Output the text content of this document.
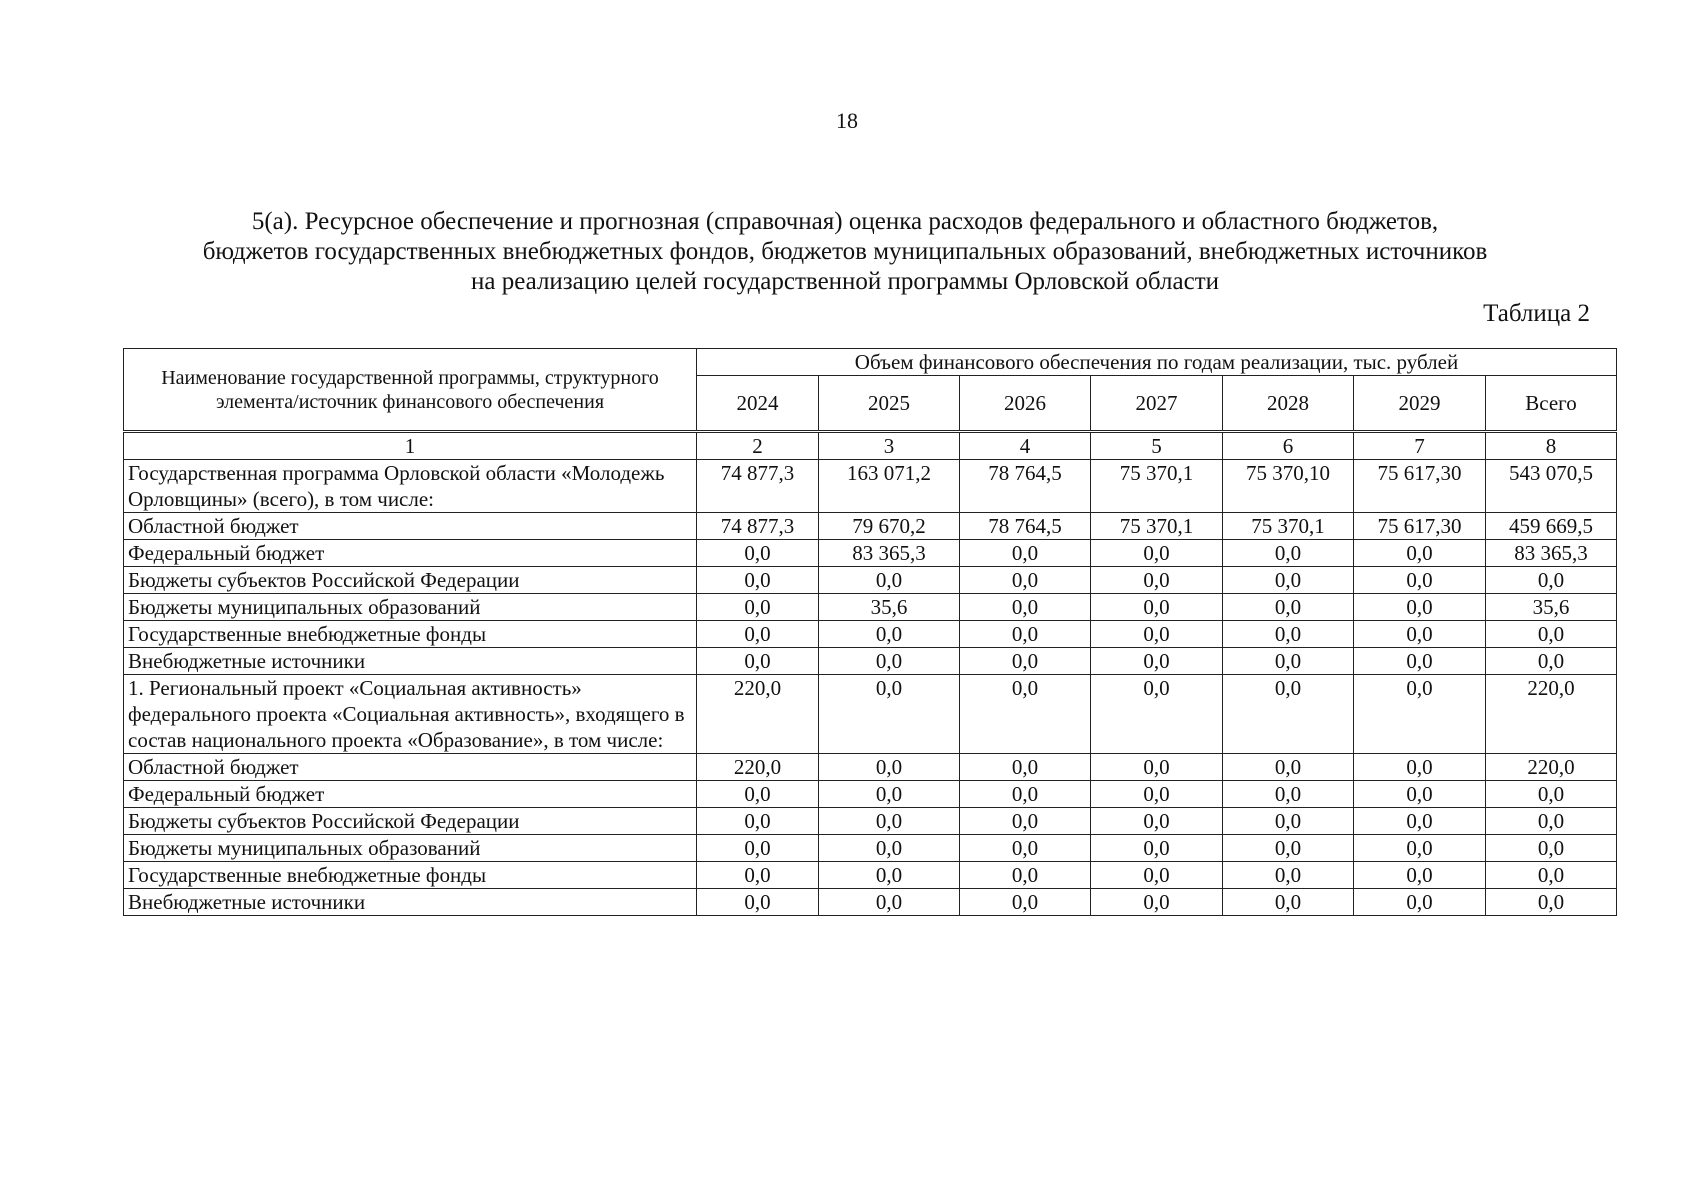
18
5(а). Ресурсное обеспечение и прогнозная (справочная) оценка расходов федерального и областного бюджетов,
бюджетов государственных внебюджетных фондов, бюджетов муниципальных образований, внебюджетных источников
на реализацию целей государственной программы Орловской области
Таблица 2
Наименование государственной программы, структурного элемента/источник финансового обеспечения	Объем финансового обеспечения по годам реализации, тыс. рублей						
	2024	2025	2026	2027	2028	2029	Всего
1	2	3	4	5	6	7	8
Государственная программа Орловской области «Молодежь Орловщины» (всего), в том числе:	74 877,3	163 071,2	78 764,5	75 370,1	75 370,10	75 617,30	543 070,5
Областной бюджет	74 877,3	79 670,2	78 764,5	75 370,1	75 370,1	75 617,30	459 669,5
Федеральный бюджет	0,0	83 365,3	0,0	0,0	0,0	0,0	83 365,3
Бюджеты субъектов Российской Федерации	0,0	0,0	0,0	0,0	0,0	0,0	0,0
Бюджеты муниципальных образований	0,0	35,6	0,0	0,0	0,0	0,0	35,6
Государственные внебюджетные фонды	0,0	0,0	0,0	0,0	0,0	0,0	0,0
Внебюджетные источники	0,0	0,0	0,0	0,0	0,0	0,0	0,0
1. Региональный проект «Социальная активность» федерального проекта «Социальная активность», входящего в состав национального проекта «Образование», в том числе:	220,0	0,0	0,0	0,0	0,0	0,0	220,0
Областной бюджет	220,0	0,0	0,0	0,0	0,0	0,0	220,0
Федеральный бюджет	0,0	0,0	0,0	0,0	0,0	0,0	0,0
Бюджеты субъектов Российской Федерации	0,0	0,0	0,0	0,0	0,0	0,0	0,0
Бюджеты муниципальных образований	0,0	0,0	0,0	0,0	0,0	0,0	0,0
Государственные внебюджетные фонды	0,0	0,0	0,0	0,0	0,0	0,0	0,0
Внебюджетные источники	0,0	0,0	0,0	0,0	0,0	0,0	0,0
